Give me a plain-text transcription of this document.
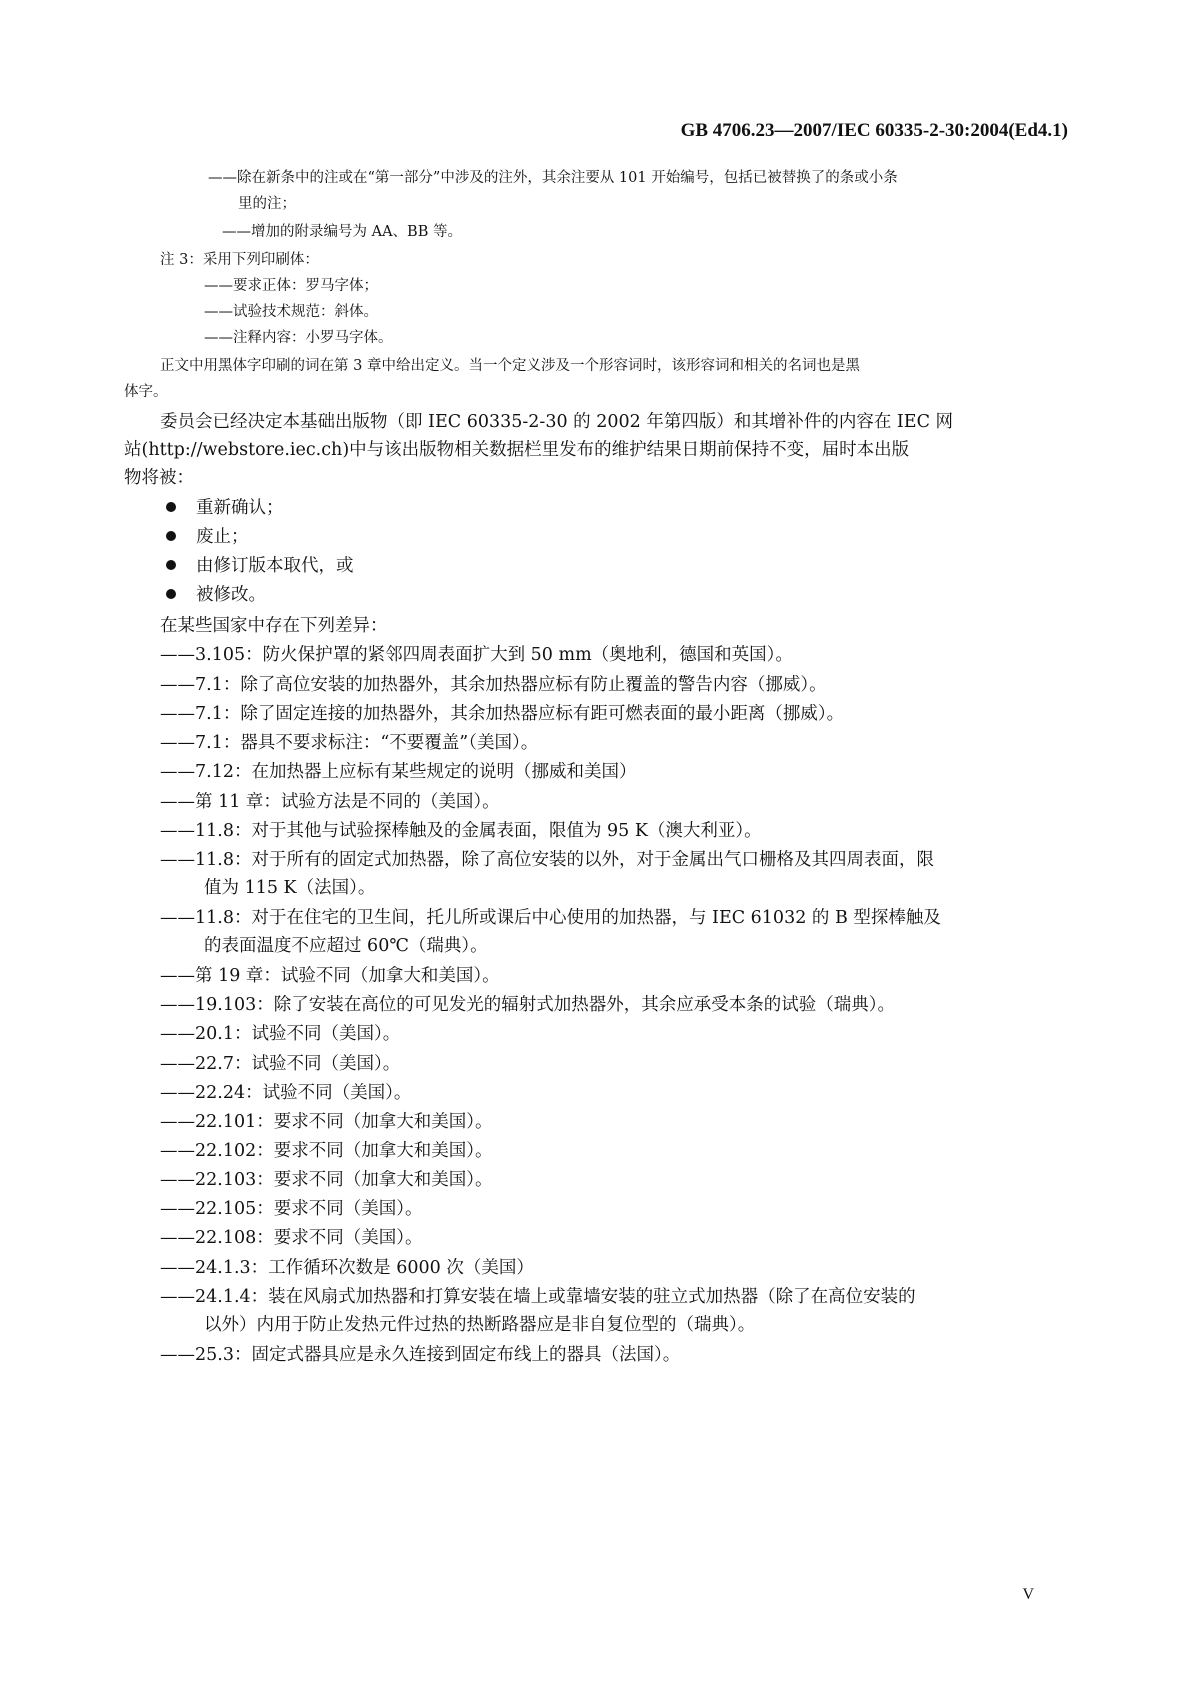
GB 4706.23—2007/IEC 60335-2-30:2004(Ed4.1)
——除在新条中的注或在“第一部分”中涉及的注外，其余注要从 101 开始编号，包括已被替换了的条或小条
里的注；
——增加的附录编号为 AA、BB 等。
注 3：采用下列印刷体：
——要求正体：罗马字体；
——试验技术规范：斜体。
——注释内容：小罗马字体。
正文中用黑体字印刷的词在第 3 章中给出定义。当一个定义涉及一个形容词时，该形容词和相关的名词也是黑
体字。
委员会已经决定本基础出版物（即 IEC 60335-2-30 的 2002 年第四版）和其增补件的内容在 IEC 网
站(http://webstore.iec.ch)中与该出版物相关数据栏里发布的维护结果日期前保持不变，届时本出版
物将被：
重新确认；
废止；
由修订版本取代，或
被修改。
在某些国家中存在下列差异：
——3.105：防火保护罩的紧邻四周表面扩大到 50 mm（奥地利，德国和英国）。
——7.1：除了高位安装的加热器外，其余加热器应标有防止覆盖的警告内容（挪威）。
——7.1：除了固定连接的加热器外，其余加热器应标有距可燃表面的最小距离（挪威）。
——7.1：器具不要求标注：“不要覆盖”（美国）。
——7.12：在加热器上应标有某些规定的说明（挪威和美国）
——第 11 章：试验方法是不同的（美国）。
——11.8：对于其他与试验探棒触及的金属表面，限值为 95 K（澳大利亚）。
——11.8：对于所有的固定式加热器，除了高位安装的以外，对于金属出气口栅格及其四周表面，限
值为 115 K（法国）。
——11.8：对于在住宅的卫生间，托儿所或课后中心使用的加热器，与 IEC 61032 的 B 型探棒触及
的表面温度不应超过 60℃（瑞典）。
——第 19 章：试验不同（加拿大和美国）。
——19.103：除了安装在高位的可见发光的辐射式加热器外，其余应承受本条的试验（瑞典）。
——20.1：试验不同（美国）。
——22.7：试验不同（美国）。
——22.24：试验不同（美国）。
——22.101：要求不同（加拿大和美国）。
——22.102：要求不同（加拿大和美国）。
——22.103：要求不同（加拿大和美国）。
——22.105：要求不同（美国）。
——22.108：要求不同（美国）。
——24.1.3：工作循环次数是 6000 次（美国）
——24.1.4：装在风扇式加热器和打算安装在墙上或靠墙安装的驻立式加热器（除了在高位安装的
以外）内用于防止发热元件过热的热断路器应是非自复位型的（瑞典）。
——25.3：固定式器具应是永久连接到固定布线上的器具（法国）。
V
